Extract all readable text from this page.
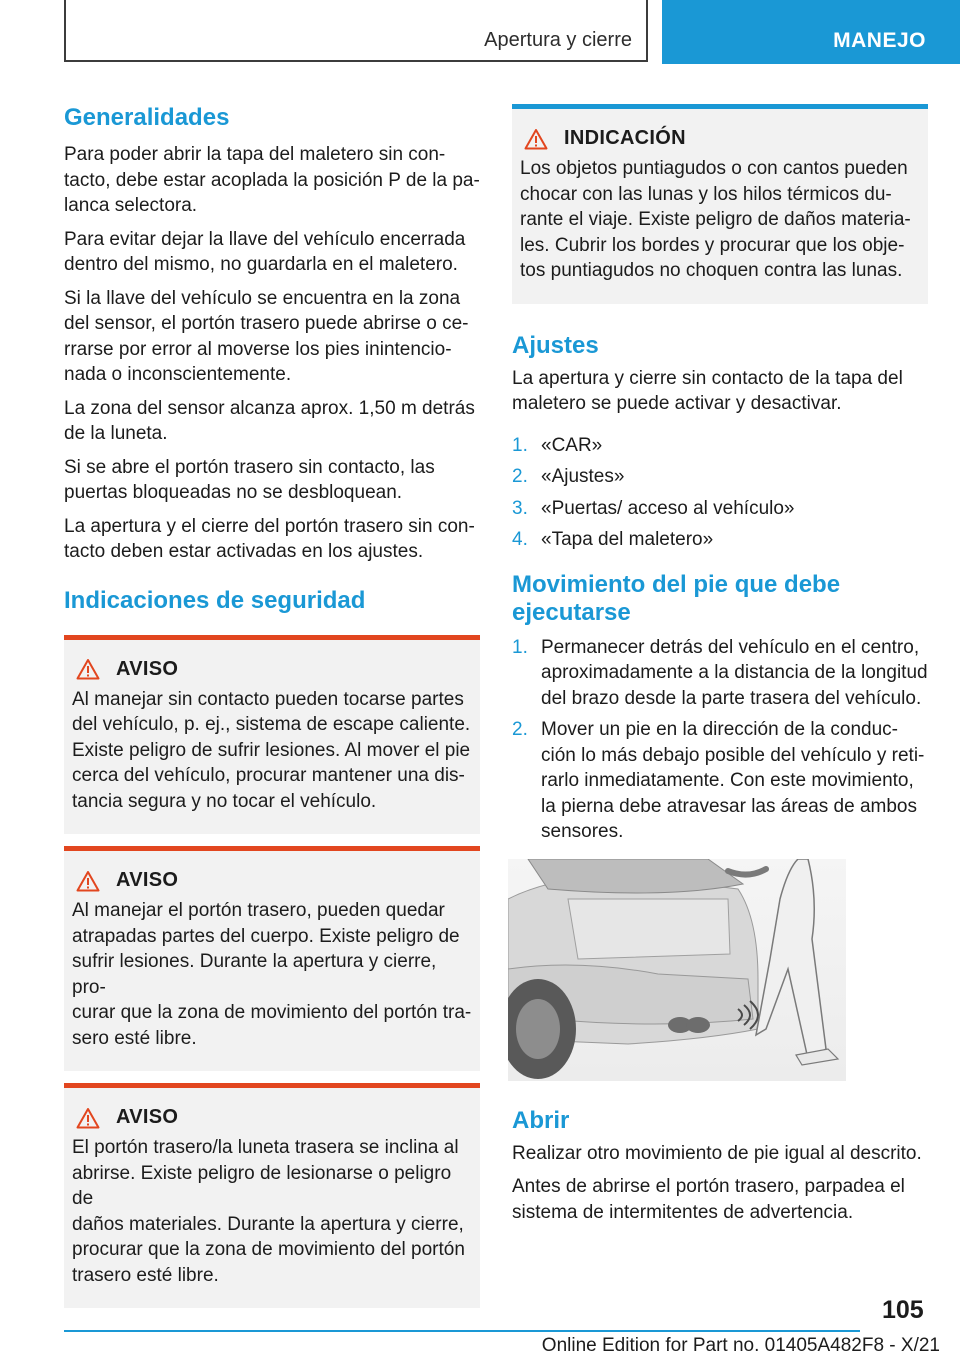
Apertura y cierre	MANEJO
Generalidades

Para poder abrir la tapa del maletero sin con-
tacto, debe estar acoplada la posición P de la pa-
lanca selectora.

Para evitar dejar la llave del vehículo encerrada
dentro del mismo, no guardarla en el maletero.

Si la llave del vehículo se encuentra en la zona
del sensor, el portón trasero puede abrirse o ce-
rrarse por error al moverse los pies inintencio-
nada o inconscientemente.

La zona del sensor alcanza aprox. 1,50 m detrás
de la luneta.

Si se abre el portón trasero sin contacto, las
puertas bloqueadas no se desbloquean.

La apertura y el cierre del portón trasero sin con-
tacto deben estar activadas en los ajustes.

Indicaciones de seguridad
AVISO

Al manejar sin contacto pueden tocarse partes
del vehículo, p. ej., sistema de escape caliente.
Existe peligro de sufrir lesiones. Al mover el pie
cerca del vehículo, procurar mantener una dis-
tancia segura y no tocar el vehículo.

AVISO

Al manejar el portón trasero, pueden quedar
atrapadas partes del cuerpo. Existe peligro de
sufrir lesiones. Durante la apertura y cierre, pro-
curar que la zona de movimiento del portón tra-
sero esté libre.

AVISO

El portón trasero/la luneta trasera se inclina al
abrirse. Existe peligro de lesionarse o peligro de
daños materiales. Durante la apertura y cierre,
procurar que la zona de movimiento del portón
trasero esté libre.

INDICACIÓN

Los objetos puntiagudos o con cantos pueden
chocar con las lunas y los hilos térmicos du-
rante el viaje. Existe peligro de daños materia-
les. Cubrir los bordes y procurar que los obje-
tos puntiagudos no choquen contra las lunas.

Ajustes

La apertura y cierre sin contacto de la tapa del
maletero se puede activar y desactivar.

1. «CAR»
2. «Ajustes»
3. «Puertas/ acceso al vehículo»
4. «Tapa del maletero»
Movimiento del pie que debe
ejecutarse
1. Permanecer detrás del vehículo en el centro,
aproximadamente a la distancia de la longitud
del brazo desde la parte trasera del vehículo.
2. Mover un pie en la dirección de la conduc-
ción lo más debajo posible del vehículo y reti-
rarlo inmediatamente. Con este movimiento,
la pierna debe atravesar las áreas de ambos
sensores.
Abrir

Realizar otro movimiento de pie igual al descrito.

Antes de abrirse el portón trasero, parpadea el
sistema de intermitentes de advertencia.

105
Online Edition for Part no. 01405A482F8 - X/21
